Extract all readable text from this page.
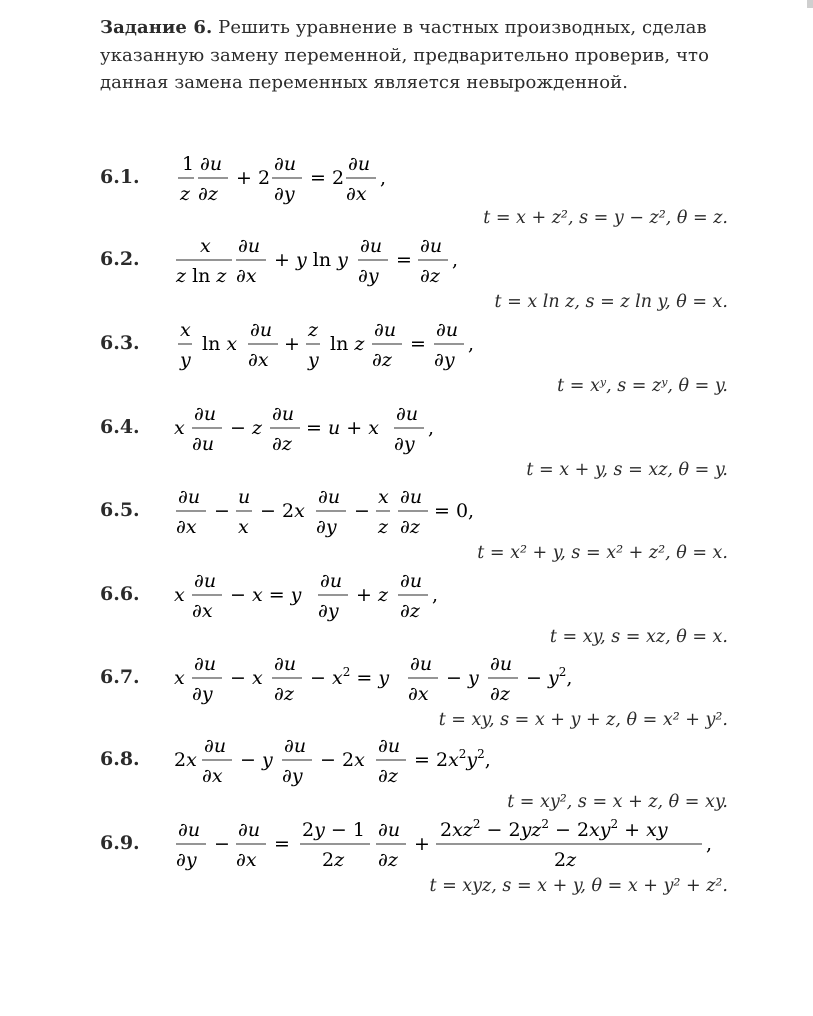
Задание 6. Решить уравнение в частных производных, сделав указанную замену переменной, предварительно проверив, что данная замена переменных является невырожденной.
6.1.
1
z
∂u
∂z
+ 2
∂u
∂y
= 2
∂u
∂x
,
t = x + z², s = y − z², θ = z.
6.2.
x
z ln z
∂u
∂x
+ y ln y
∂u
∂y
=
∂u
∂z
,
t = x ln z, s = z ln y, θ = x.
6.3.
x
y
ln x
∂u
∂x
+
z
y
ln z
∂u
∂z
=
∂u
∂y
,
t = xʸ, s = zʸ, θ = y.
6.4. x
∂u
∂u
− z
∂u
∂z
= u + x
∂u
∂y
,
t = x + y, s = xz, θ = y.
6.5.
∂u
∂x
−
u
x
− 2x
∂u
∂y
−
x
z
∂u
∂z
= 0,
t = x² + y, s = x² + z², θ = x.
6.6. x
∂u
∂x
− x = y
∂u
∂y
+ z
∂u
∂z
,
t = xy, s = xz, θ = x.
6.7. x
∂u
∂y
− x
∂u
∂z
− $x^2 = y$
∂u
∂x
− y
∂u
∂z
− $y^2$,
t = xy, s = x + y + z, θ = x² + y².
6.8. 2x
∂u
∂x
− y
∂u
∂y
− 2x
∂u
∂z
= $2x^2y^2$,
t = xy², s = x + z, θ = xy.
6.9.
∂u
∂y
−
∂u
∂x
=
2y − 1
2z
∂u
∂z
+
$2xz^2 - 2yz^2 - 2xy^2$ + xy
2z
,
t = xyz, s = x + y, θ = x + y² + z².
